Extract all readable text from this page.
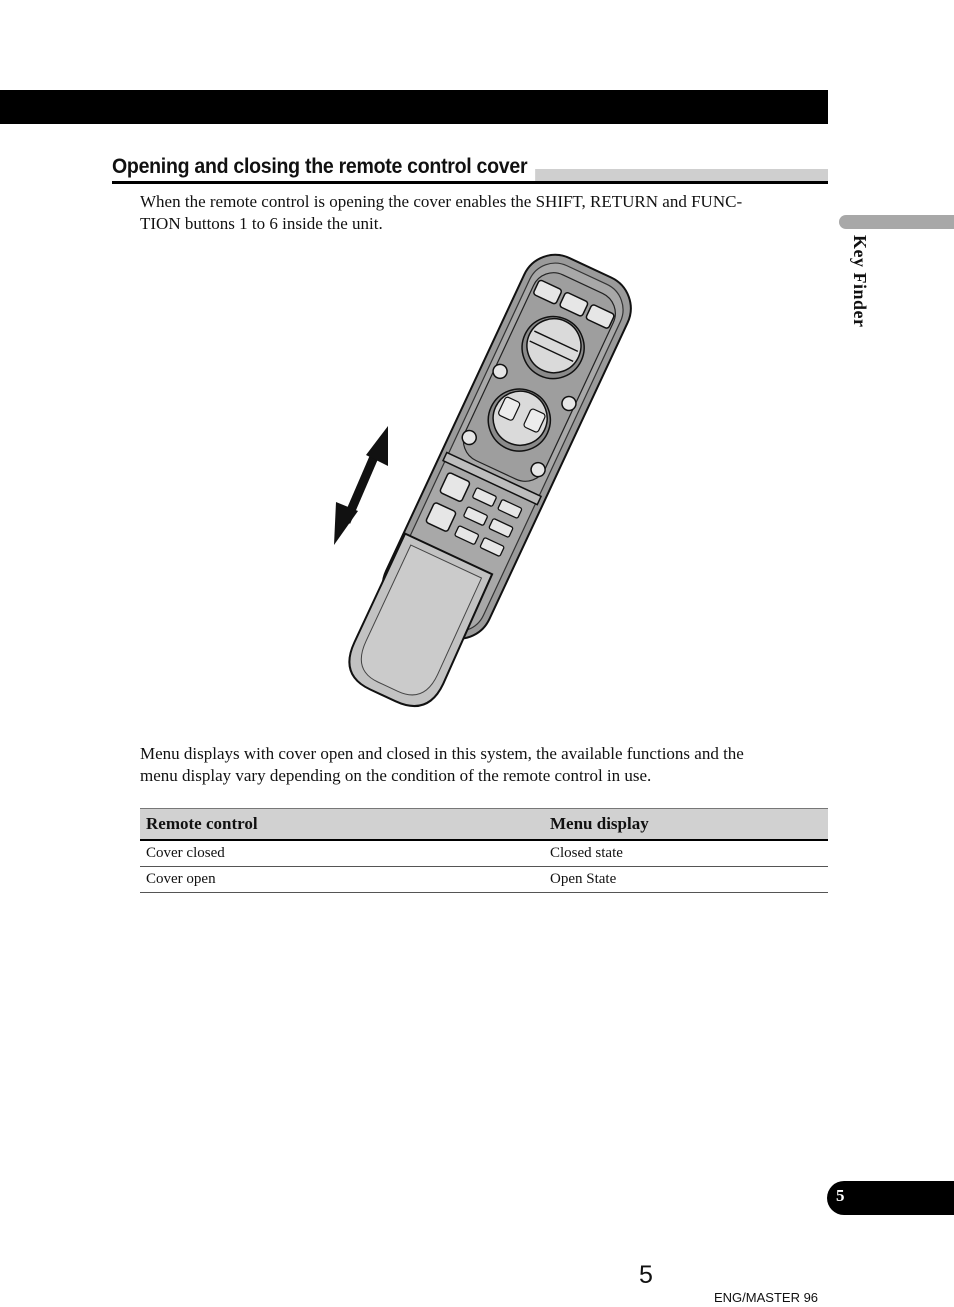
Opening and closing the remote control cover

When the remote control is opening the cover enables the SHIFT, RETURN and FUNC-
TION buttons 1 to 6 inside the unit.

Menu displays with cover open and closed in this system, the available functions and the
menu display vary depending on the condition of the remote control in use.

Remote control	Menu display
Cover closed	Closed state
Cover open	Open State
Key Finder
5
5
ENG/MASTER 96
